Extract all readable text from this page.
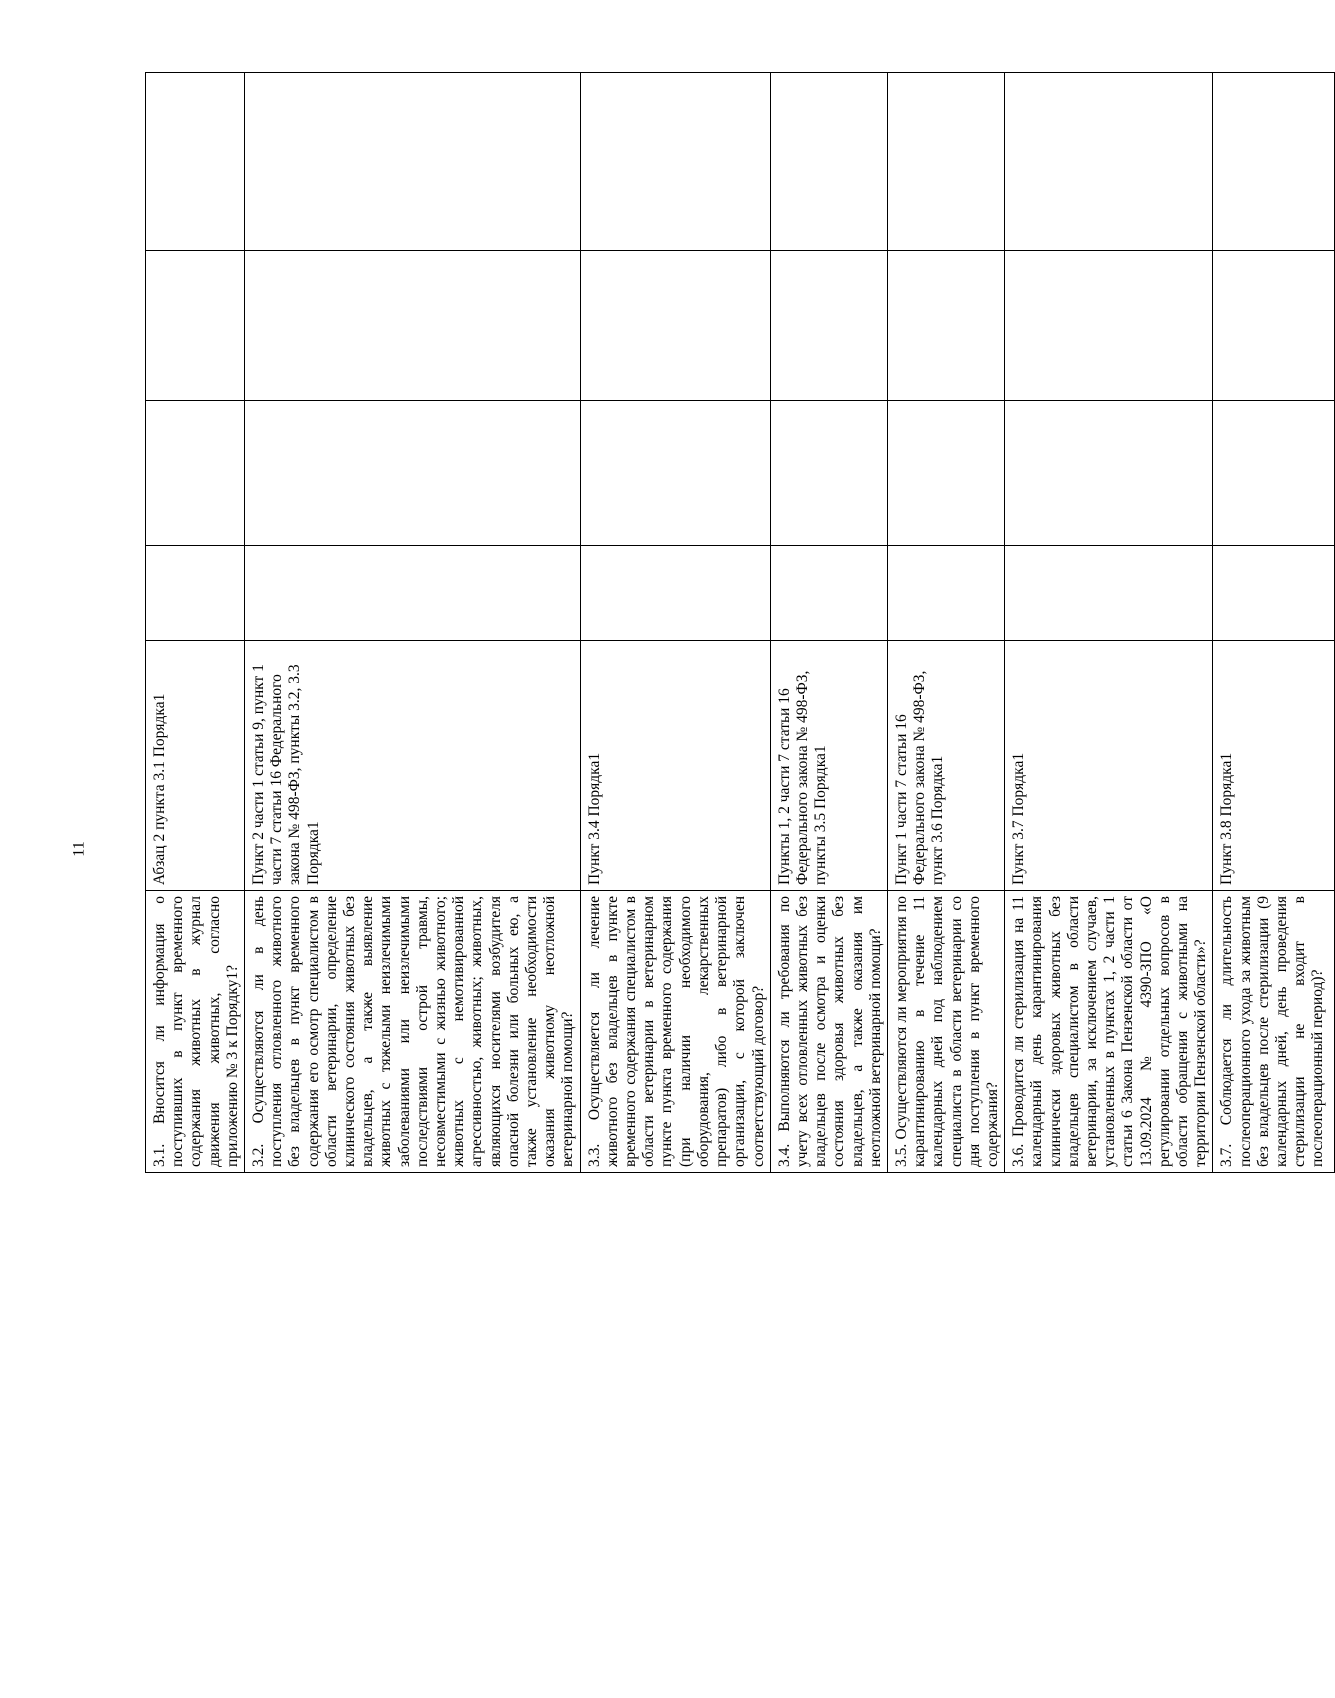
11
3.1. Вносится ли информация о поступивших в пункт временного содержания животных в журнал движения животных, согласно приложению № 3 к Порядку1?	Абзац 2 пункта 3.1 Порядка1				
3.2. Осуществляются ли в день поступления отловленного животного без владельцев в пункт временного содержания его осмотр специалистом в области ветеринарии, определение клинического состояния животных без владельцев, а также выявление животных с тяжелыми неизлечимыми заболеваниями или неизлечимыми последствиями острой травмы, несовместимыми с жизнью животного; животных с немотивированной агрессивностью, животных; животных, являющихся носителями возбудителя опасной болезни или больных ею, а также установление необходимости оказания животному неотложной ветеринарной помощи?	Пункт 2 части 1 статьи 9, пункт 1 части 7 статьи 16 Федерального закона № 498-ФЗ, пункты 3.2, 3.3 Порядка1				
3.3. Осуществляется ли лечение животного без владельцев в пункте временного содержания специалистом в области ветеринарии в ветеринарном пункте пункта временного содержания (при наличии необходимого оборудования, лекарственных препаратов) либо в ветеринарной организации, с которой заключен соответствующий договор?	Пункт 3.4 Порядка1				
3.4. Выполняются ли требования по учету всех отловленных животных без владельцев после осмотра и оценки состояния здоровья животных без владельцев, а также оказания им неотложной ветеринарной помощи?	Пункты 1, 2 части 7 статьи 16 Федерального закона № 498-ФЗ, пункты 3.5 Порядка1				
3.5. Осуществляются ли мероприятия по карантинированию в течение 11 календарных дней под наблюдением специалиста в области ветеринарии со дня поступления в пункт временного содержания?	Пункт 1 части 7 статьи 16 Федерального закона № 498-ФЗ, пункт 3.6 Порядка1				
3.6. Проводится ли стерилизация на 11 календарный день карантинирования клинически здоровых животных без владельцев специалистом в области ветеринарии, за исключением случаев, установленных в пунктах 1, 2 части 1 статьи 6 Закона Пензенской области от 13.09.2024 № 4390-ЗПО «О регулировании отдельных вопросов в области обращения с животными на территории Пензенской области»?	Пункт 3.7 Порядка1				
3.7. Соблюдается ли длительность послеоперационного ухода за животным без владельцев после стерилизации (9 календарных дней, день проведения стерилизации не входит в послеоперационный период)?	Пункт 3.8 Порядка1				
